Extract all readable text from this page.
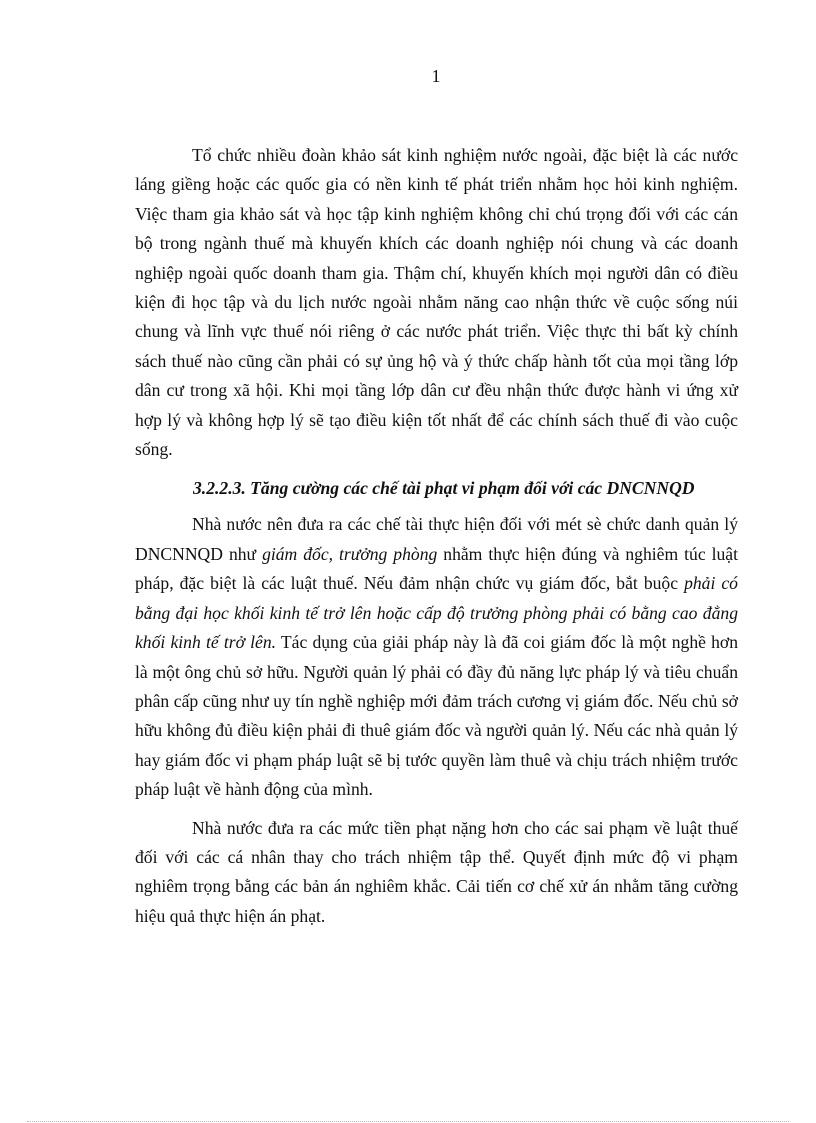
1

Tổ chức nhiều đoàn khảo sát kinh nghiệm nước ngoài, đặc biệt là các nước láng giềng hoặc các quốc gia có nền kinh tế phát triển nhằm học hỏi kinh nghiệm. Việc tham gia khảo sát và học tập kinh nghiệm không chỉ chú trọng đối với các cán bộ trong ngành thuế mà khuyến khích các doanh nghiệp nói chung và các doanh nghiệp ngoài quốc doanh tham gia. Thậm chí, khuyến khích mọi người dân có điều kiện đi học tập và du lịch nước ngoài nhằm năng cao nhận thức về cuộc sống núi chung và lĩnh vực thuế nói riêng ở các nước phát triển. Việc thực thi bất kỳ chính sách thuế nào cũng cần phải có sự ủng hộ và ý thức chấp hành tốt của mọi tầng lớp dân cư trong xã hội. Khi mọi tầng lớp dân cư đều nhận thức được hành vi ứng xử hợp lý và không hợp lý sẽ tạo điều kiện tốt nhất để các chính sách thuế đi vào cuộc sống.

3.2.2.3. Tăng cường các chế tài phạt vi phạm đối với các DNCNNQD

Nhà nước nên đưa ra các chế tài thực hiện đối với mét sè chức danh quản lý DNCNNQD như giám đốc, trưởng phòng nhằm thực hiện đúng và nghiêm túc luật pháp, đặc biệt là các luật thuế. Nếu đảm nhận chức vụ giám đốc, bắt buộc phải có bằng đại học khối kinh tế trở lên hoặc cấp độ trưởng phòng phải có bằng cao đẳng khối kinh tế trở lên. Tác dụng của giải pháp này là đã coi giám đốc là một nghề hơn là một ông chủ sở hữu. Người quản lý phải có đầy đủ năng lực pháp lý và tiêu chuẩn phân cấp cũng như uy tín nghề nghiệp mới đảm trách cương vị giám đốc. Nếu chủ sở hữu không đủ điều kiện phải đi thuê giám đốc và người quản lý. Nếu các nhà quản lý hay giám đốc vi phạm pháp luật sẽ bị tước quyền làm thuê và chịu trách nhiệm trước pháp luật về hành động của mình.

Nhà nước đưa ra các mức tiền phạt nặng hơn cho các sai phạm về luật thuế đối với các cá nhân thay cho trách nhiệm tập thể. Quyết định mức độ vi phạm nghiêm trọng bằng các bản án nghiêm khắc. Cải tiến cơ chế xử án nhằm tăng cường hiệu quả thực hiện án phạt.
